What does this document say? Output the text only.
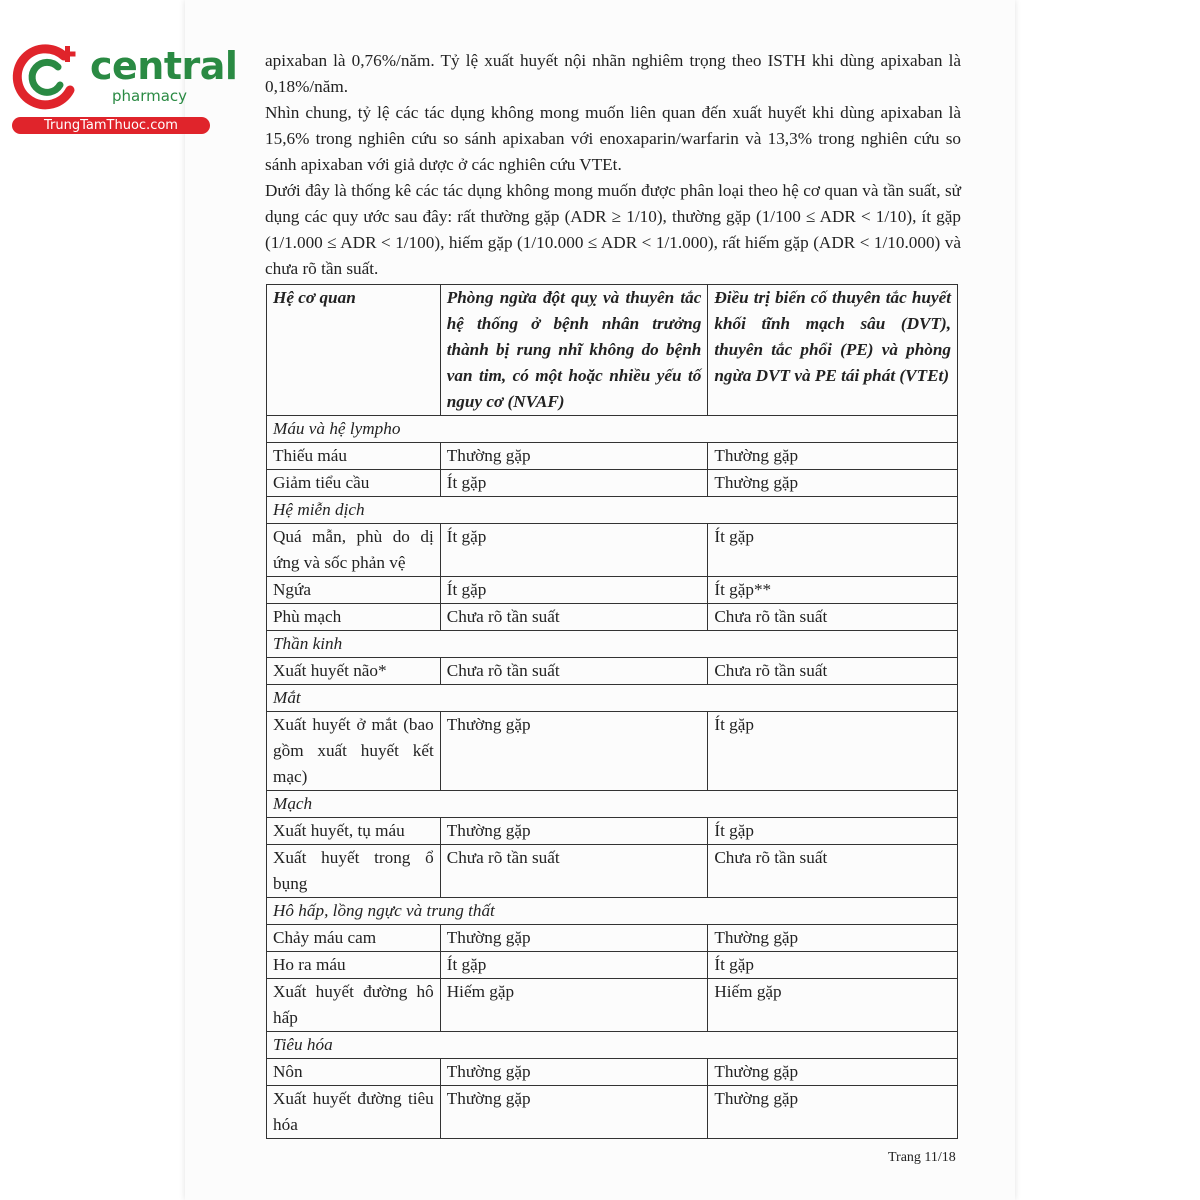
central
pharmacy
TrungTamThuoc.com

apixaban là 0,76%/năm. Tỷ lệ xuất huyết nội nhãn nghiêm trọng theo ISTH khi dùng apixaban là 0,18%/năm.

Nhìn chung, tỷ lệ các tác dụng không mong muốn liên quan đến xuất huyết khi dùng apixaban là 15,6% trong nghiên cứu so sánh apixaban với enoxaparin/warfarin và 13,3% trong nghiên cứu so sánh apixaban với giả dược ở các nghiên cứu VTEt.

Dưới đây là thống kê các tác dụng không mong muốn được phân loại theo hệ cơ quan và tần suất, sử dụng các quy ước sau đây: rất thường gặp (ADR ≥ 1/10), thường gặp (1/100 ≤ ADR < 1/10), ít gặp (1/1.000 ≤ ADR < 1/100), hiếm gặp (1/10.000 ≤ ADR < 1/1.000), rất hiếm gặp (ADR < 1/10.000) và chưa rõ tần suất.

Hệ cơ quan	Phòng ngừa đột quỵ và thuyên tắc hệ thống ở bệnh nhân trưởng thành bị rung nhĩ không do bệnh van tim, có một hoặc nhiều yếu tố nguy cơ (NVAF)	Điều trị biến cố thuyên tắc huyết khối tĩnh mạch sâu (DVT), thuyên tắc phổi (PE) và phòng ngừa DVT và PE tái phát (VTEt)
Máu và hệ lympho		
Thiếu máu	Thường gặp	Thường gặp
Giảm tiểu cầu	Ít gặp	Thường gặp
Hệ miễn dịch		
Quá mẫn, phù do dị ứng và sốc phản vệ	Ít gặp	Ít gặp
Ngứa	Ít gặp	Ít gặp**
Phù mạch	Chưa rõ tần suất	Chưa rõ tần suất
Thần kinh		
Xuất huyết não*	Chưa rõ tần suất	Chưa rõ tần suất
Mắt		
Xuất huyết ở mắt (bao gồm xuất huyết kết mạc)	Thường gặp	Ít gặp
Mạch		
Xuất huyết, tụ máu	Thường gặp	Ít gặp
Xuất huyết trong ổ bụng	Chưa rõ tần suất	Chưa rõ tần suất
Hô hấp, lồng ngực và trung thất		
Chảy máu cam	Thường gặp	Thường gặp
Ho ra máu	Ít gặp	Ít gặp
Xuất huyết đường hô hấp	Hiếm gặp	Hiếm gặp
Tiêu hóa		
Nôn	Thường gặp	Thường gặp
Xuất huyết đường tiêu hóa	Thường gặp	Thường gặp
Trang 11/18
